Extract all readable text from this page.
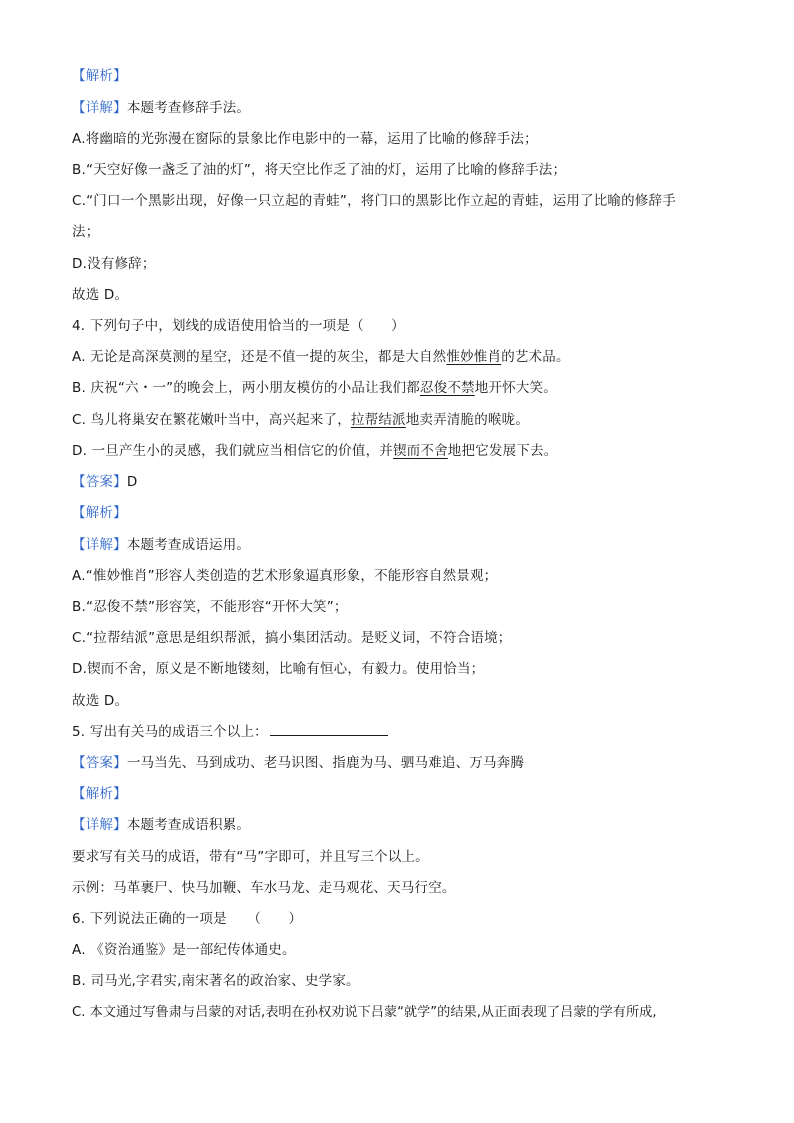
【解析】
【详解】本题考查修辞手法。
A.将幽暗的光弥漫在窗际的景象比作电影中的一幕，运用了比喻的修辞手法；
B.“天空好像一盏乏了油的灯”，将天空比作乏了油的灯，运用了比喻的修辞手法；
C.“门口一个黑影出现，好像一只立起的青蛙”，将门口的黑影比作立起的青蛙，运用了比喻的修辞手
法；
D.没有修辞；
故选 D。
4. 下列句子中，划线的成语使用恰当的一项是（　　）
A. 无论是高深莫测的星空，还是不值一提的灰尘，都是大自然惟妙惟肖的艺术品。
B. 庆祝“六・一”的晚会上，两小朋友模仿的小品让我们都忍俊不禁地开怀大笑。
C. 鸟儿将巢安在繁花嫩叶当中，高兴起来了，拉帮结派地卖弄清脆的喉咙。
D. 一旦产生小的灵感，我们就应当相信它的价值，并锲而不舍地把它发展下去。
【答案】D
【解析】
【详解】本题考查成语运用。
A.“惟妙惟肖”形容人类创造的艺术形象逼真形象，不能形容自然景观；
B.“忍俊不禁”形容笑，不能形容“开怀大笑”；
C.“拉帮结派”意思是组织帮派，搞小集团活动。是贬义词，不符合语境；
D.锲而不舍，原义是不断地镂刻，比喻有恒心，有毅力。使用恰当；
故选 D。
5. 写出有关马的成语三个以上：
【答案】一马当先、马到成功、老马识图、指鹿为马、驷马难追、万马奔腾
【解析】
【详解】本题考查成语积累。
要求写有关马的成语，带有“马”字即可，并且写三个以上。
示例：马革裹尸、快马加鞭、车水马龙、走马观花、天马行空。
6. 下列说法正确的一项是　　（　　）
A. 《资治通鉴》是一部纪传体通史。
B. 司马光,字君实,南宋著名的政治家、史学家。
C. 本文通过写鲁肃与吕蒙的对话,表明在孙权劝说下吕蒙“就学”的结果,从正面表现了吕蒙的学有所成,
